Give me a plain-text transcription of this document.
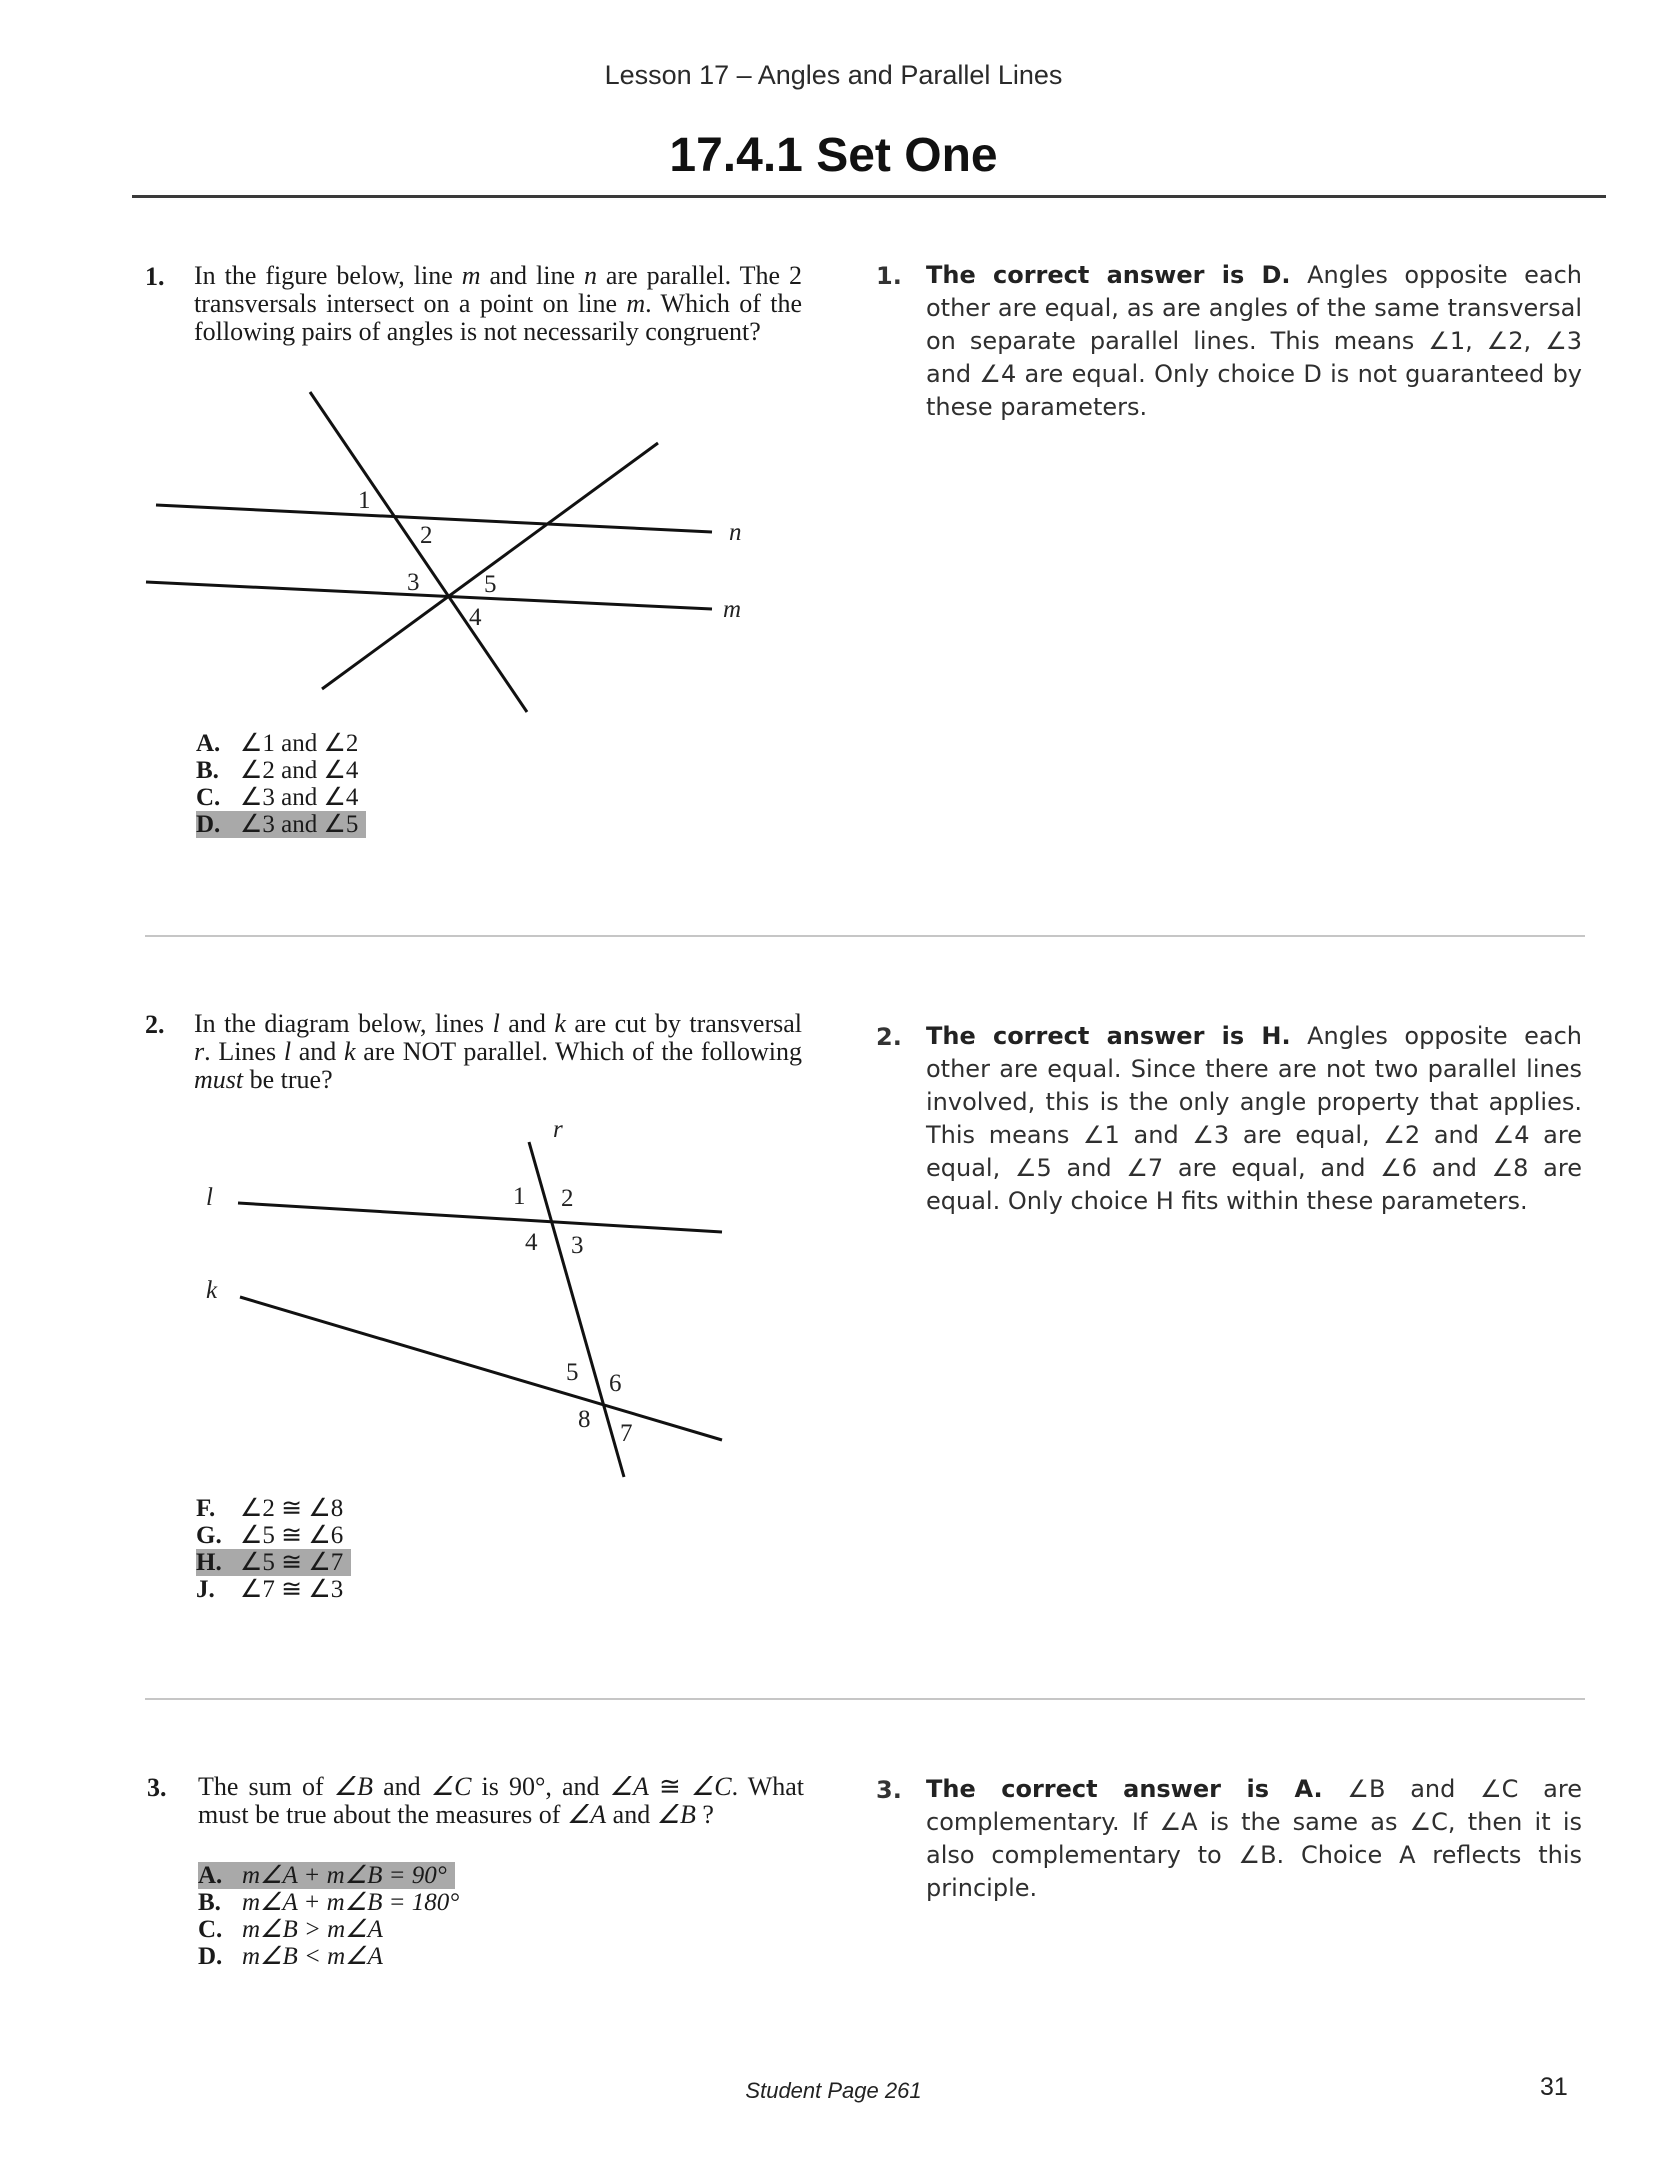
Lesson 17 – Angles and Parallel Lines
17.4.1 Set One
1. In the figure below, line m and line n are parallel. The 2 transversals intersect on a point on line m. Which of the following pairs of angles is not necessarily congruent?
n
m
1
2
3	5
4
r
l
k
1 2
4 3
5 6
8
7
A. ∠1 and ∠2
B. ∠2 and ∠4
C. ∠3 and ∠4
D. ∠3 and ∠5
1. The correct answer is D. Angles opposite each other are equal, as are angles of the same transversal on separate parallel lines. This means ∠1, ∠2, ∠3 and ∠4 are equal. Only choice D is not guaranteed by these parameters.
2. In the diagram below, lines l and k are cut by transversal r. Lines l and k are NOT parallel. Which of the following must be true?
F. ∠2 ≅ ∠8
G. ∠5 ≅ ∠6
H. ∠5 ≅ ∠7
J.	∠7 ≅ ∠3
2. The correct answer is H. Angles opposite each other are equal. Since there are not two parallel lines involved, this is the only angle property that applies. This means ∠1 and ∠3 are equal, ∠2 and ∠4 are equal, ∠5 and ∠7 are equal, and ∠6 and ∠8 are equal. Only choice H fits within these parameters.
3. The sum of ∠B and ∠C is 90°, and ∠A ≅ ∠C. What must be true about the measures of ∠A and ∠B ?
A. m∠A + m∠B = 90°
B. m∠A + m∠B = 180°
C. m∠B > m∠A
D. m∠B < m∠A
3. The correct answer is A. ∠B and ∠C are complementary. If ∠A is the same as ∠C, then it is also complementary to ∠B. Choice A reflects this principle.
Student Page 261	31
